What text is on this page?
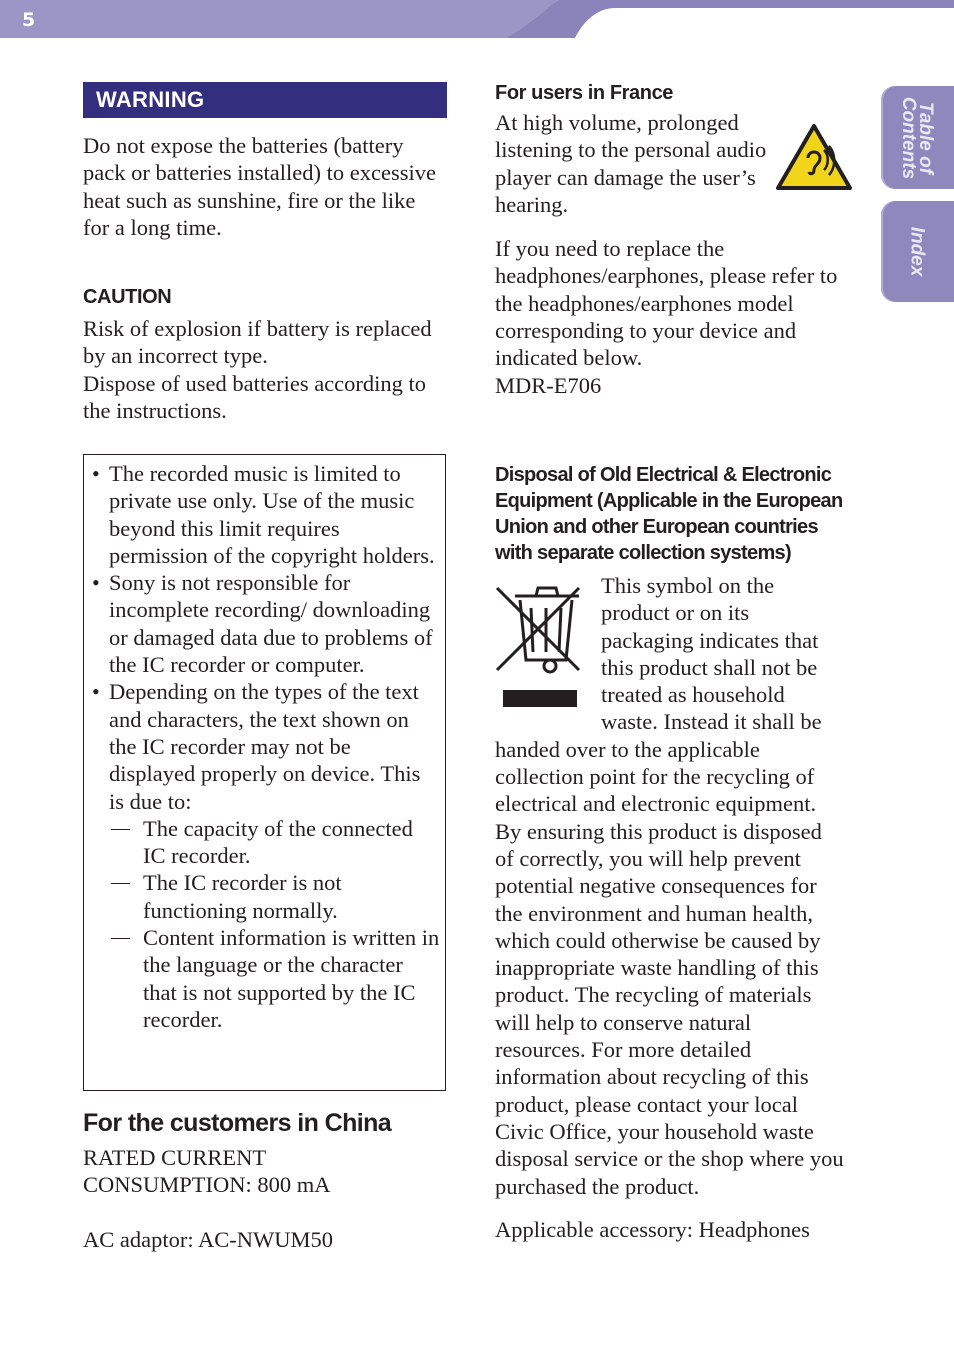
5
Table of
Contents
Index
WARNING

Do not expose the batteries (battery pack or batteries installed) to excessive heat such as sunshine, fire or the like for a long time.

CAUTION

Risk of explosion if battery is replaced by an incorrect type.

Dispose of used batteries according to the instructions.

• The recorded music is limited to private use only. Use of the music beyond this limit requires permission of the copyright holders.
• Sony is not responsible for incomplete recording/ downloading or damaged data due to problems of the IC recorder or computer.
• Depending on the types of the text and characters, the text shown on the IC recorder may not be displayed properly on device. This is due to:
— The capacity of the connected IC recorder.
— The IC recorder is not functioning normally.
— Content information is written in the language or the character that is not supported by the IC recorder.

For the customers in China

RATED CURRENT CONSUMPTION: 800 mA

AC adaptor: AC-NWUM50

For users in France

At high volume, prolonged listening to the personal audio player can damage the user’s hearing.

If you need to replace the headphones/earphones, please refer to the headphones/earphones model corresponding to your device and indicated below.

MDR-E706

Disposal of Old Electrical & Electronic Equipment (Applicable in the European Union and other European countries with separate collection systems)

This symbol on the product or on its packaging indicates that this product shall not be treated as household waste. Instead it shall be handed over to the applicable collection point for the recycling of electrical and electronic equipment. By ensuring this product is disposed of correctly, you will help prevent potential negative consequences for the environment and human health, which could otherwise be caused by inappropriate waste handling of this product. The recycling of materials will help to conserve natural resources. For more detailed information about recycling of this product, please contact your local Civic Office, your household waste disposal service or the shop where you purchased the product.

Applicable accessory: Headphones
